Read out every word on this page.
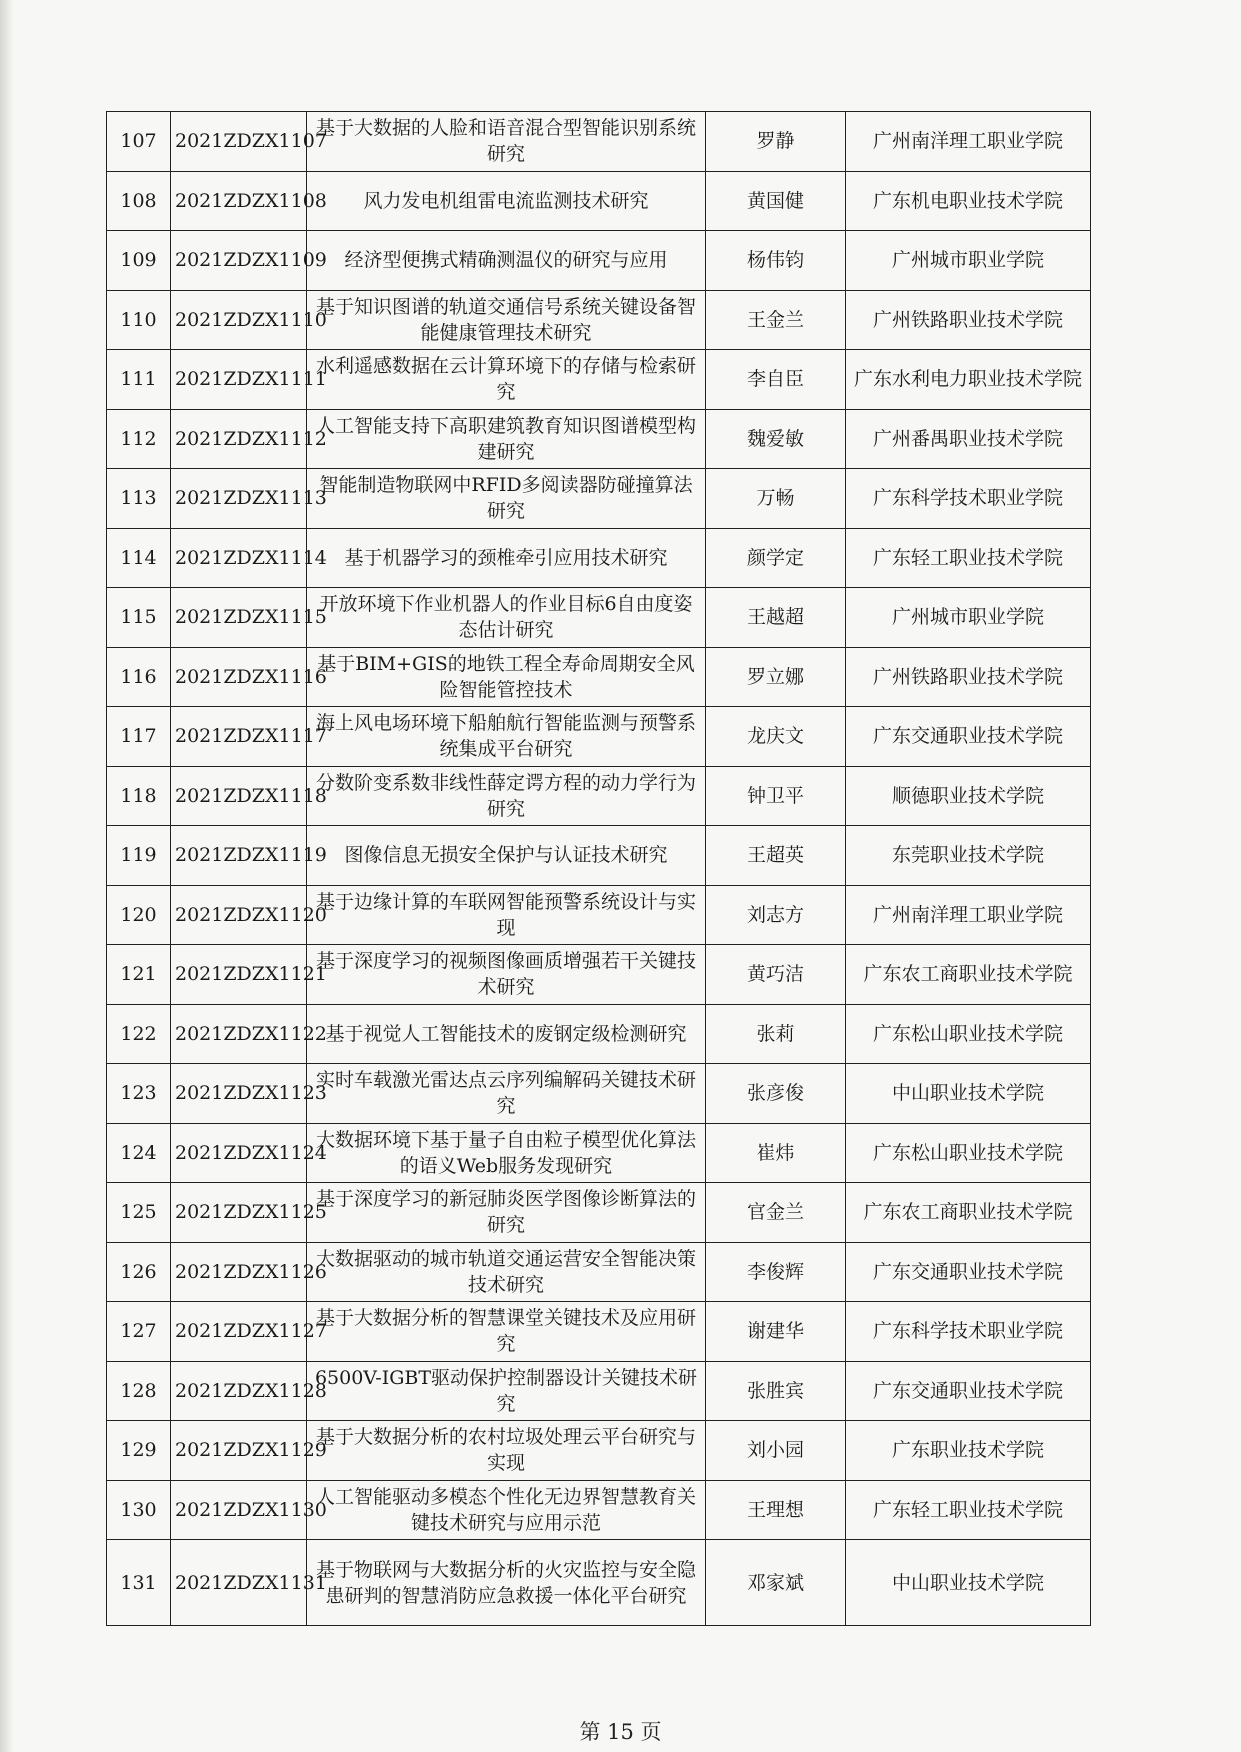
107	2021ZDZX1107	基于大数据的人脸和语音混合型智能识别系统研究	罗静	广州南洋理工职业学院
108	2021ZDZX1108	风力发电机组雷电流监测技术研究	黄国健	广东机电职业技术学院
109	2021ZDZX1109	经济型便携式精确测温仪的研究与应用	杨伟钧	广州城市职业学院
110	2021ZDZX1110	基于知识图谱的轨道交通信号系统关键设备智能健康管理技术研究	王金兰	广州铁路职业技术学院
111	2021ZDZX1111	水利遥感数据在云计算环境下的存储与检索研究	李自臣	广东水利电力职业技术学院
112	2021ZDZX1112	人工智能支持下高职建筑教育知识图谱模型构建研究	魏爱敏	广州番禺职业技术学院
113	2021ZDZX1113	智能制造物联网中RFID多阅读器防碰撞算法研究	万畅	广东科学技术职业学院
114	2021ZDZX1114	基于机器学习的颈椎牵引应用技术研究	颜学定	广东轻工职业技术学院
115	2021ZDZX1115	开放环境下作业机器人的作业目标6自由度姿态估计研究	王越超	广州城市职业学院
116	2021ZDZX1116	基于BIM+GIS的地铁工程全寿命周期安全风险智能管控技术	罗立娜	广州铁路职业技术学院
117	2021ZDZX1117	海上风电场环境下船舶航行智能监测与预警系统集成平台研究	龙庆文	广东交通职业技术学院
118	2021ZDZX1118	分数阶变系数非线性薛定谔方程的动力学行为研究	钟卫平	顺德职业技术学院
119	2021ZDZX1119	图像信息无损安全保护与认证技术研究	王超英	东莞职业技术学院
120	2021ZDZX1120	基于边缘计算的车联网智能预警系统设计与实现	刘志方	广州南洋理工职业学院
121	2021ZDZX1121	基于深度学习的视频图像画质增强若干关键技术研究	黄巧洁	广东农工商职业技术学院
122	2021ZDZX1122	基于视觉人工智能技术的废钢定级检测研究	张莉	广东松山职业技术学院
123	2021ZDZX1123	实时车载激光雷达点云序列编解码关键技术研究	张彦俊	中山职业技术学院
124	2021ZDZX1124	大数据环境下基于量子自由粒子模型优化算法的语义Web服务发现研究	崔炜	广东松山职业技术学院
125	2021ZDZX1125	基于深度学习的新冠肺炎医学图像诊断算法的研究	官金兰	广东农工商职业技术学院
126	2021ZDZX1126	大数据驱动的城市轨道交通运营安全智能决策技术研究	李俊辉	广东交通职业技术学院
127	2021ZDZX1127	基于大数据分析的智慧课堂关键技术及应用研究	谢建华	广东科学技术职业学院
128	2021ZDZX1128	6500V-IGBT驱动保护控制器设计关键技术研究	张胜宾	广东交通职业技术学院
129	2021ZDZX1129	基于大数据分析的农村垃圾处理云平台研究与实现	刘小园	广东职业技术学院
130	2021ZDZX1130	人工智能驱动多模态个性化无边界智慧教育关键技术研究与应用示范	王理想	广东轻工职业技术学院
131	2021ZDZX1131	基于物联网与大数据分析的火灾监控与安全隐患研判的智慧消防应急救援一体化平台研究	邓家斌	中山职业技术学院
第 15 页
